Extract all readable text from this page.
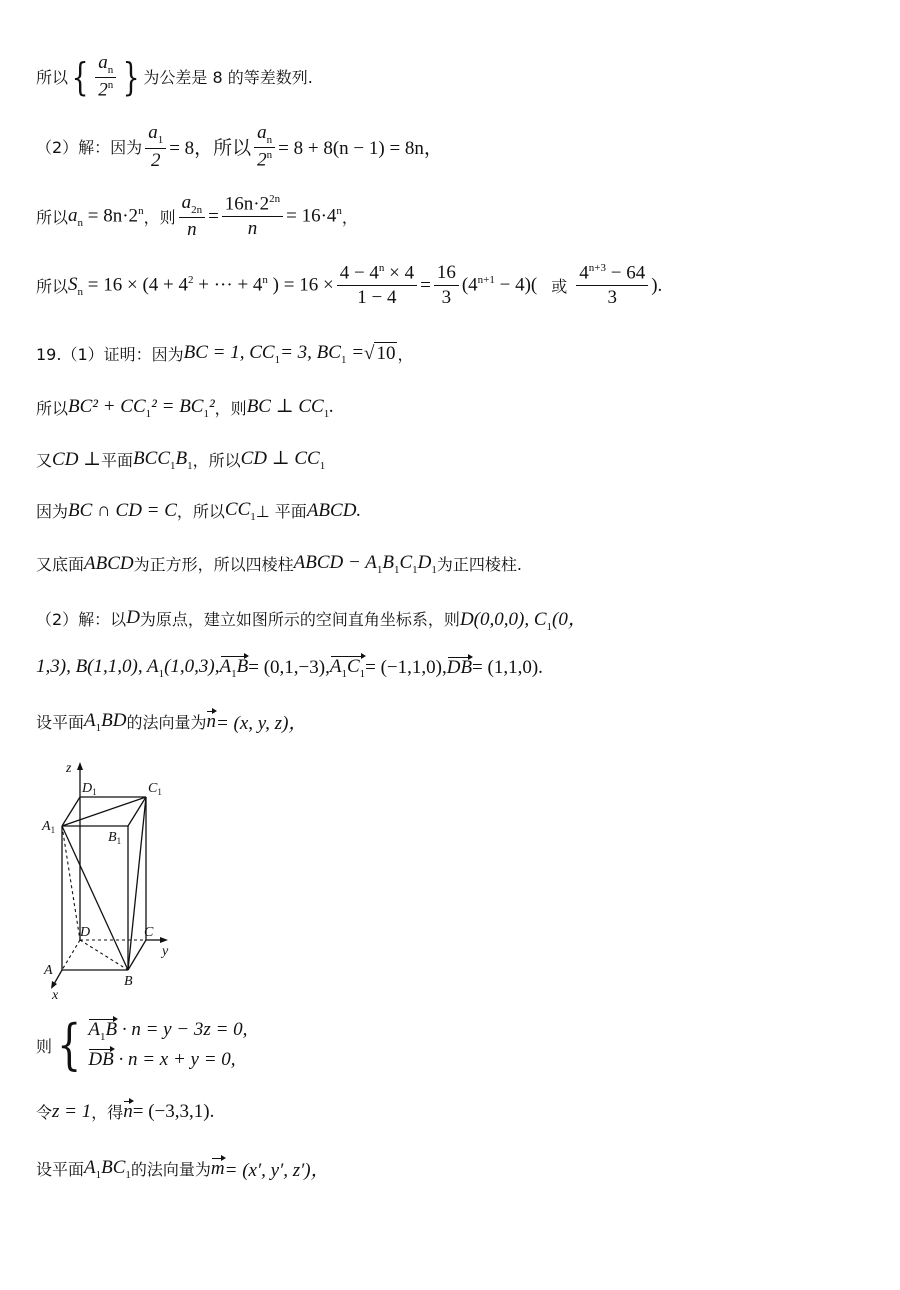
所以 { $\frac{a_n}{2^n}$ } 为公差是 8 的等差数列.
（2）解：因为 $\frac{a_1}{2} = 8$，所以 $\frac{a_n}{2^n} = 8 + 8(n - 1) = 8n$，
所以 $a_n = 8n\cdot 2^n$ ，则 $\frac{a_{2n}}{n} = \frac{16n\cdot 2^{2n}}{n} = 16\cdot 4^n$ ，
所以 $S_n = 16 \times (4 + 4^2$ + ··· + $4^n$ ) = $16 \times \frac{4 - 4^n \times 4}{1 - 4} = \frac{16}{3} (4^{n+1} - 4)$( 或 $\frac{4^{n+3} - 64}{3}$ ).
19.（1）证明：因为 BC = 1, $CC_1= 3$, $BC_1$ = √ 10 ，
所以 $BC^2 + CC_1^2 = BC_1^2$ ，则 BC ⊥ $CC_1$.
又 CD ⊥ 平面 $BCC_1B_1$ ，所以 CD ⊥ $CC_1$
因为 BC ∩ CD = C ，所以 $CC_1$ ⊥ 平面 ABCD.
又底面 ABCD 为正方形，所以四棱柱 ABCD − $A_1B_1C_1D_1$ 为正四棱柱.
（2）解：以 D 为原点，建立如图所示的空间直角坐标系，则 D(0,0,0), $C_1(0$，
1,3), B(1,1,0), $A_1(1,0,3)$, $A_1B = (0,1,-3)$, $A_1C_1 = (-1,1,0)$, DB = (1,1,0).
设平面 $A_1BD$ 的法向量为 n = (x, y, z)，
z
y
x
$D_1$	$C_1$
$A_1$	$B_1$
D	C
A
B
则 { $A_1B \cdot n = y - 3z = 0$,
DB · n = x + y = 0,
令 z = 1 ，得 n = (−3,3,1).
设平面 $A_1BC_1$ 的法向量为 m = (x′, y′, z′)，
